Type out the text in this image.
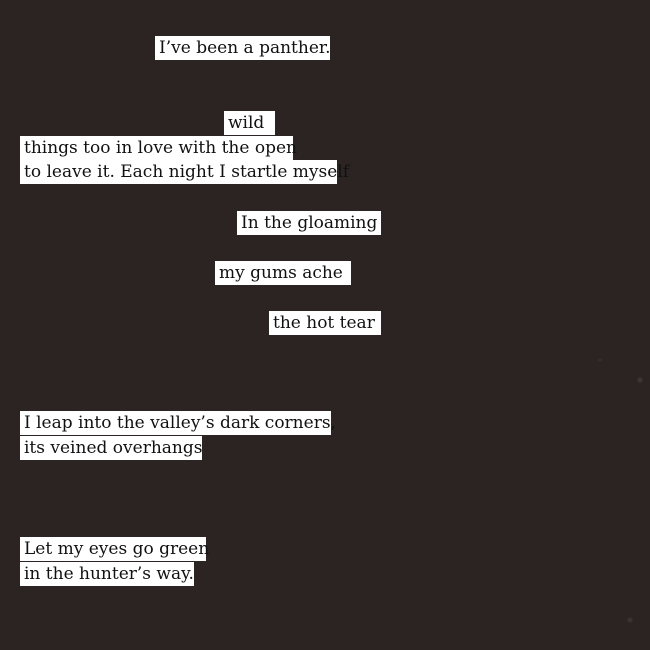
I’ve been a panther.
wild
things too in love with the open
to leave it. Each night I startle myself
In the gloaming
my gums ache
the hot tear
I leap into the valley’s dark corners,
its veined overhangs
Let my eyes go green
in the hunter’s way.
